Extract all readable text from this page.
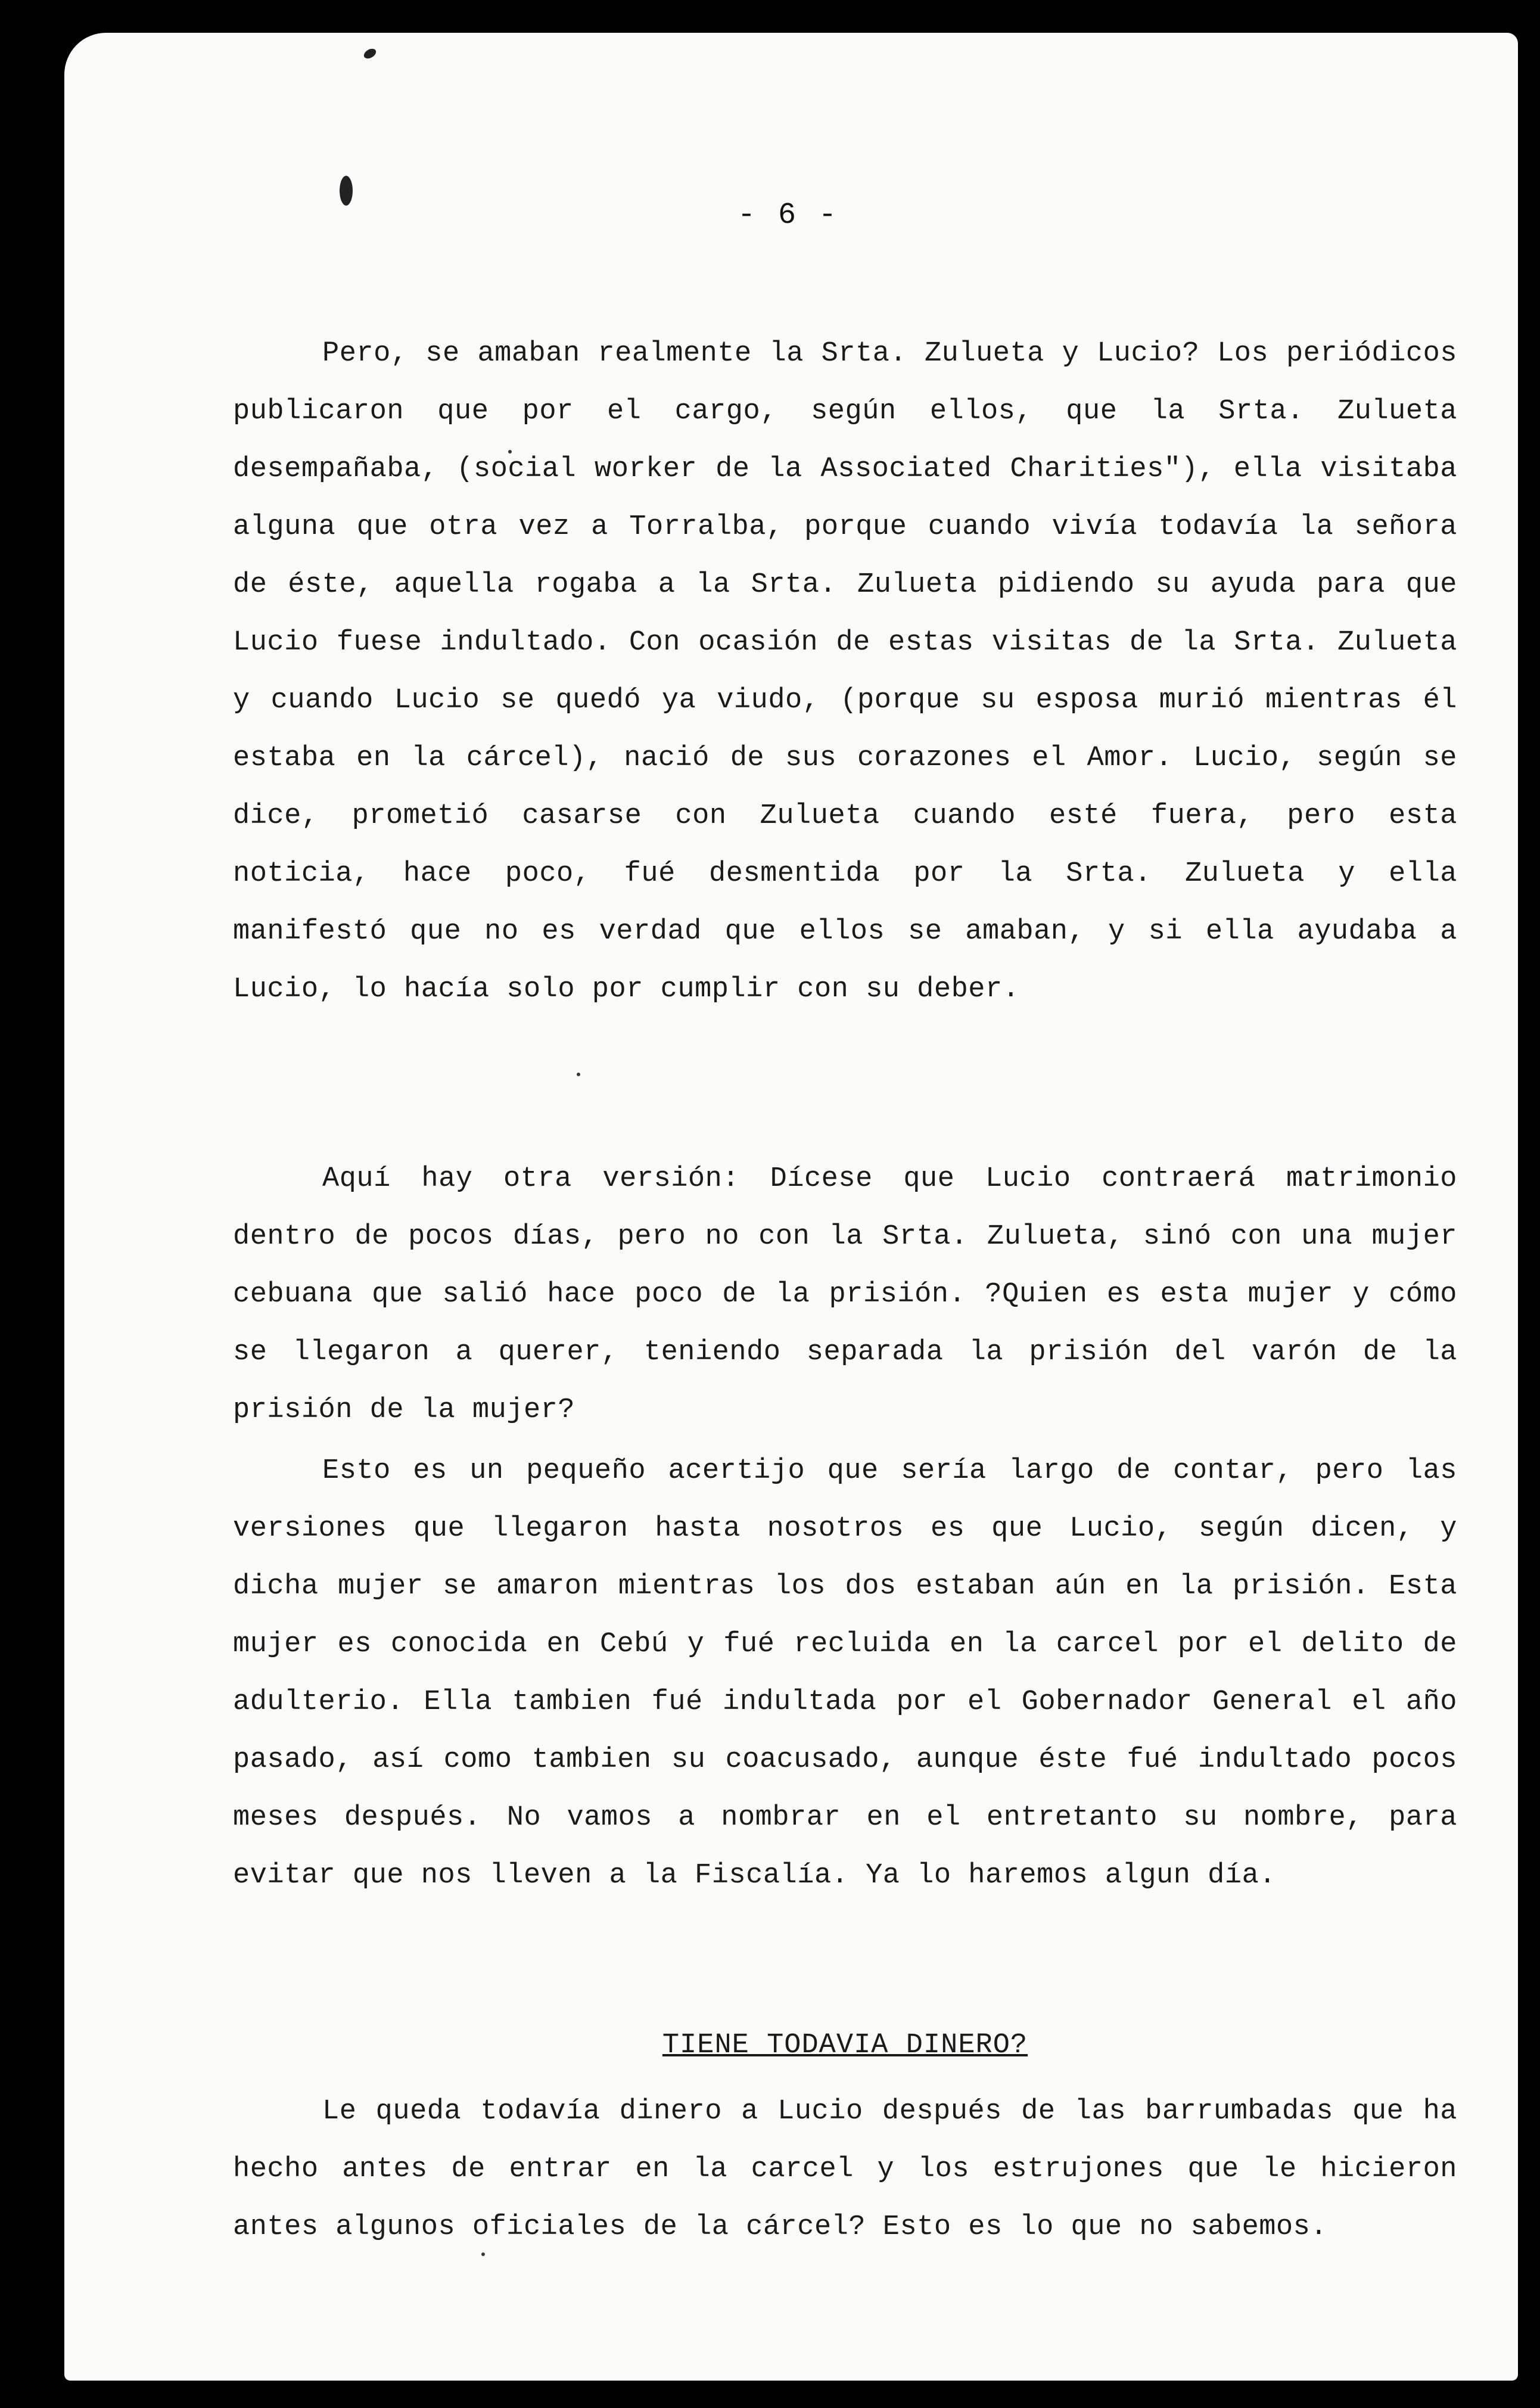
- 6 -

Pero, se amaban realmente la Srta. Zulueta y Lucio? Los periódicos publicaron que por el cargo, según ellos, que la Srta. Zulueta desempañaba, (social worker de la Associated Charities"), ella visitaba alguna que otra vez a Torralba, porque cuando vivía todavía la señora de éste, aquella rogaba a la Srta. Zulueta pidiendo su ayuda para que Lucio fuese indultado. Con ocasión de estas visitas de la Srta. Zulueta y cuando Lucio se quedó ya viudo, (porque su esposa murió mientras él estaba en la cárcel), nació de sus corazones el Amor. Lucio, según se dice, prometió casarse con Zulueta cuando esté fuera, pero esta noticia, hace poco, fué desmentida por la Srta. Zulueta y ella manifestó que no es verdad que ellos se amaban, y si ella ayudaba a Lucio, lo hacía solo por cumplir con su deber.

Aquí hay otra versión: Dícese que Lucio contraerá matrimonio dentro de pocos días, pero no con la Srta. Zulueta, sinó con una mujer cebuana que salió hace poco de la prisión. ?Quien es esta mujer y cómo se llegaron a querer, teniendo separada la prisión del varón de la prisión de la mujer?

Esto es un pequeño acertijo que sería largo de contar, pero las versiones que llegaron hasta nosotros es que Lucio, según dicen, y dicha mujer se amaron mientras los dos estaban aún en la prisión. Esta mujer es conocida en Cebú y fué recluida en la carcel por el delito de adulterio. Ella tambien fué indultada por el Gobernador General el año pasado, así como tambien su coacusado, aunque éste fué indultado pocos meses después. No vamos a nombrar en el entretanto su nombre, para evitar que nos lleven a la Fiscalía. Ya lo haremos algun día.

TIENE TODAVIA DINERO?

Le queda todavía dinero a Lucio después de las barrumbadas que ha hecho antes de entrar en la carcel y los estrujones que le hicieron antes algunos oficiales de la cárcel? Esto es lo que no sabemos.
